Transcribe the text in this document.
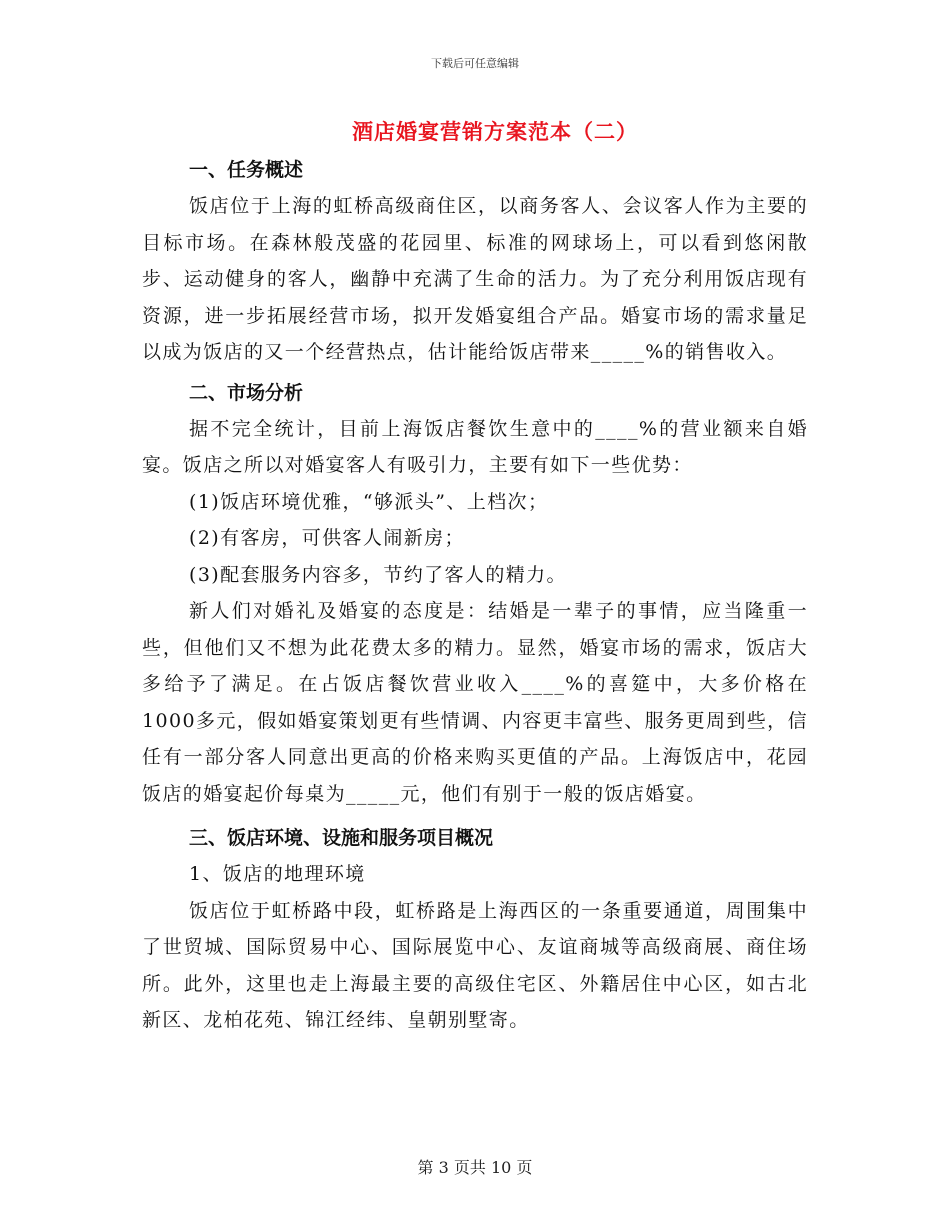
下载后可任意编辑
酒店婚宴营销方案范本（二）

一、任务概述

饭店位于上海的虹桥高级商住区，以商务客人、会议客人作为主要的目标市场。在森林般茂盛的花园里、标准的网球场上，可以看到悠闲散步、运动健身的客人，幽静中充满了生命的活力。为了充分利用饭店现有资源，进一步拓展经营市场，拟开发婚宴组合产品。婚宴市场的需求量足以成为饭店的又一个经营热点，估计能给饭店带来_____%的销售收入。

二、市场分析

据不完全统计，目前上海饭店餐饮生意中的____%的营业额来自婚宴。饭店之所以对婚宴客人有吸引力，主要有如下一些优势：

(1)饭店环境优雅，“够派头”、上档次；

(2)有客房，可供客人闹新房；

(3)配套服务内容多，节约了客人的精力。

新人们对婚礼及婚宴的态度是：结婚是一辈子的事情，应当隆重一些，但他们又不想为此花费太多的精力。显然，婚宴市场的需求，饭店大多给予了满足。在占饭店餐饮营业收入____%的喜筵中，大多价格在1000多元，假如婚宴策划更有些情调、内容更丰富些、服务更周到些，信任有一部分客人同意出更高的价格来购买更值的产品。上海饭店中，花园饭店的婚宴起价每桌为_____元，他们有别于一般的饭店婚宴。

三、饭店环境、设施和服务项目概况

1、饭店的地理环境

饭店位于虹桥路中段，虹桥路是上海西区的一条重要通道，周围集中了世贸城、国际贸易中心、国际展览中心、友谊商城等高级商展、商住场所。此外，这里也走上海最主要的高级住宅区、外籍居住中心区，如古北新区、龙柏花苑、锦江经纬、皇朝别墅寄。

第 3 页共 10 页
